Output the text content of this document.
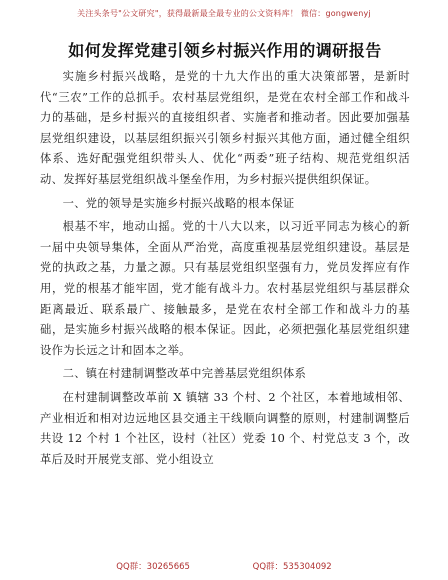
关注头条号"公文研究"，获得最新最全最专业的公文资料库！ 微信：gongwenyj
如何发挥党建引领乡村振兴作用的调研报告

实施乡村振兴战略，是党的十九大作出的重大决策部署，是新时代“三农”工作的总抓手。农村基层党组织，是党在农村全部工作和战斗力的基础，是乡村振兴的直接组织者、实施者和推动者。因此要加强基层党组织建设，以基层组织振兴引领乡村振兴其他方面，通过健全组织体系、选好配强党组织带头人、优化“两委”班子结构、规范党组织活动、发挥好基层党组织战斗堡垒作用，为乡村振兴提供组织保证。

一、党的领导是实施乡村振兴战略的根本保证

根基不牢，地动山摇。党的十八大以来，以习近平同志为核心的新一届中央领导集体，全面从严治党，高度重视基层党组织建设。基层是党的执政之基，力量之源。只有基层党组织坚强有力，党员发挥应有作用，党的根基才能牢固，党才能有战斗力。农村基层党组织与基层群众距离最近、联系最广、接触最多，是党在农村全部工作和战斗力的基础，是实施乡村振兴战略的根本保证。因此，必须把强化基层党组织建设作为长远之计和固本之举。

二、镇在村建制调整改革中完善基层党组织体系

在村建制调整改革前 X 镇辖 33 个村、2 个社区，本着地域相邻、产业相近和相对边远地区县交通主干线顺向调整的原则，村建制调整后共设 12 个村 1 个社区，设村（社区）党委 10 个、村党总支 3 个，改革后及时开展党支部、党小组设立

QQ群：30265665	QQ群：535304092
